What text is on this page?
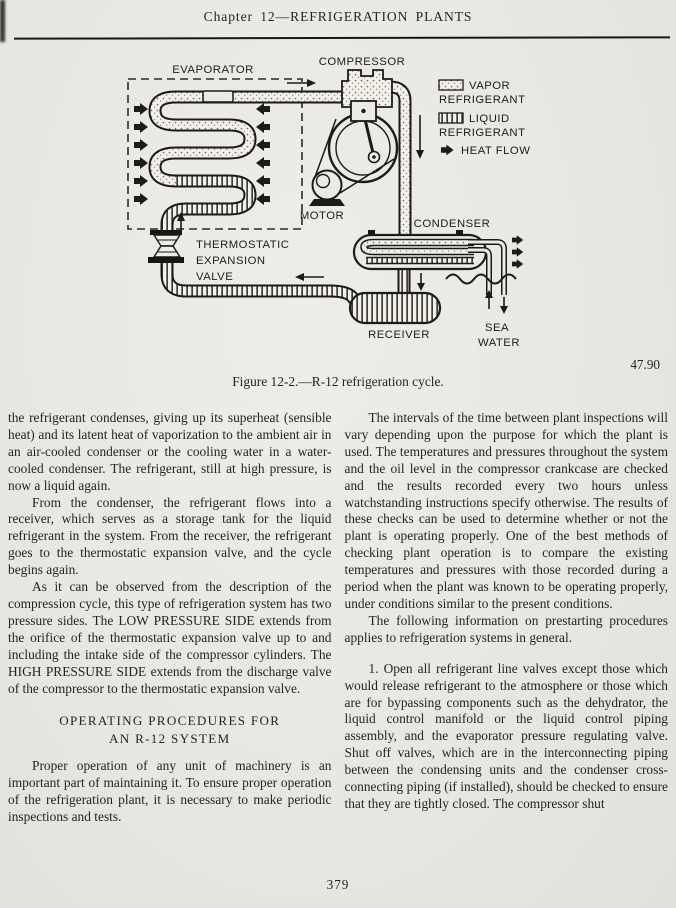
Chapter 12—REFRIGERATION PLANTS
EVAPORATOR
COMPRESSOR
MOTOR
CONDENSER
RECEIVER
THERMOSTATIC
EXPANSION
VALVE
SEA
WATER
VAPOR
REFRIGERANT
LIQUID
REFRIGERANT
HEAT FLOW
47.90
Figure 12-2.—R-12 refrigeration cycle.

the refrigerant condenses, giving up its superheat (sensible heat) and its latent heat of vaporization to the ambient air in an air-cooled condenser or the cooling water in a water-cooled condenser. The refrigerant, still at high pressure, is now a liquid again.

From the condenser, the refrigerant flows into a receiver, which serves as a storage tank for the liquid refrigerant in the system. From the receiver, the refrigerant goes to the thermostatic expansion valve, and the cycle begins again.

As it can be observed from the description of the compression cycle, this type of refrigeration system has two pressure sides. The LOW PRESSURE SIDE extends from the orifice of the thermostatic expansion valve up to and including the intake side of the compressor cylinders. The HIGH PRESSURE SIDE extends from the discharge valve of the compressor to the thermostatic expansion valve.

OPERATING PROCEDURES FOR
AN R-12 SYSTEM

Proper operation of any unit of machinery is an important part of maintaining it. To ensure proper operation of the refrigeration plant, it is necessary to make periodic inspections and tests.

The intervals of the time between plant inspections will vary depending upon the purpose for which the plant is used. The temperatures and pressures throughout the system and the oil level in the compressor crankcase are checked and the results recorded every two hours unless watchstanding instructions specify otherwise. The results of these checks can be used to determine whether or not the plant is operating properly. One of the best methods of checking plant operation is to compare the existing temperatures and pressures with those recorded during a period when the plant was known to be operating properly, under conditions similar to the present conditions.

The following information on prestarting procedures applies to refrigeration systems in general.

1. Open all refrigerant line valves except those which would release refrigerant to the atmosphere or those which are for bypassing components such as the dehydrator, the liquid control manifold or the liquid control piping assembly, and the evaporator pressure regulating valve. Shut off valves, which are in the interconnecting piping between the condensing units and the condenser cross-connecting piping (if installed), should be checked to ensure that they are tightly closed. The compressor shut

379
